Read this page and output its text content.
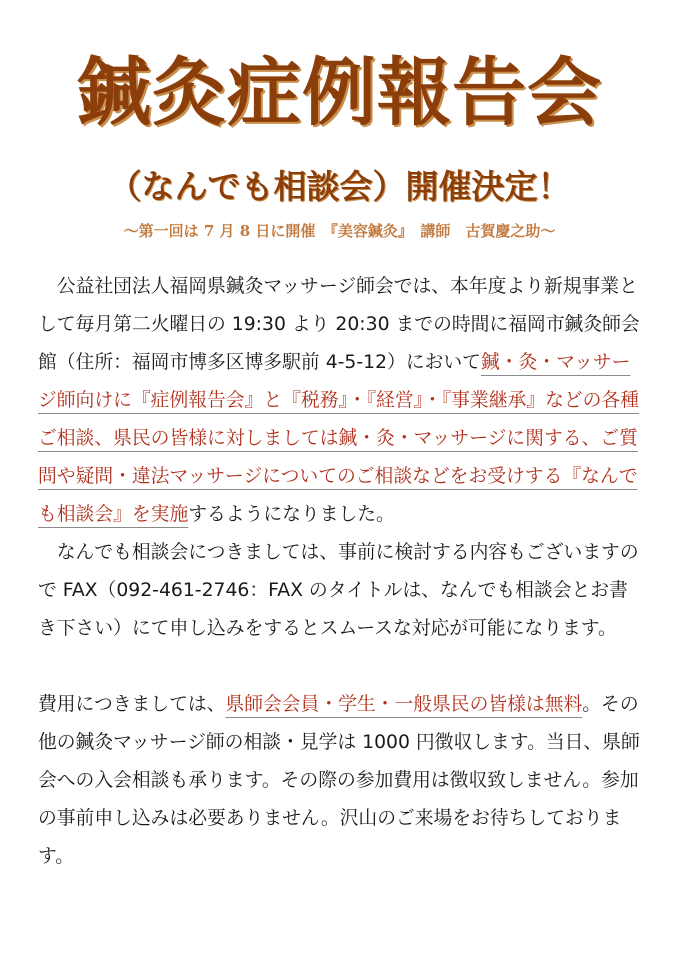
鍼灸症例報告会
（なんでも相談会）開催決定！
～第一回は 7 月 8 日に開催　『美容鍼灸』　講師　古賀慶之助～

　公益社団法人福岡県鍼灸マッサージ師会では、本年度より新規事業として毎月第二火曜日の 19:30 より 20:30 までの時間に福岡市鍼灸師会館（住所：福岡市博多区博多駅前 4-5-12）において鍼・灸・マッサージ師向けに『症例報告会』と『税務』・『経営』・『事業継承』などの各種ご相談、県民の皆様に対しましては鍼・灸・マッサージに関する、ご質問や疑問・違法マッサージについてのご相談などをお受けする『なんでも相談会』を実施するようになりました。

　なんでも相談会につきましては、事前に検討する内容もございますので FAX（092-461-2746：FAX のタイトルは、なんでも相談会とお書き下さい）にて申し込みをするとスムースな対応が可能になります。

費用につきましては、県師会会員・学生・一般県民の皆様は無料。その他の鍼灸マッサージ師の相談・見学は 1000 円徴収します。当日、県師会への入会相談も承ります。その際の参加費用は徴収致しません。参加の事前申し込みは必要ありません。沢山のご来場をお待ちしております。
